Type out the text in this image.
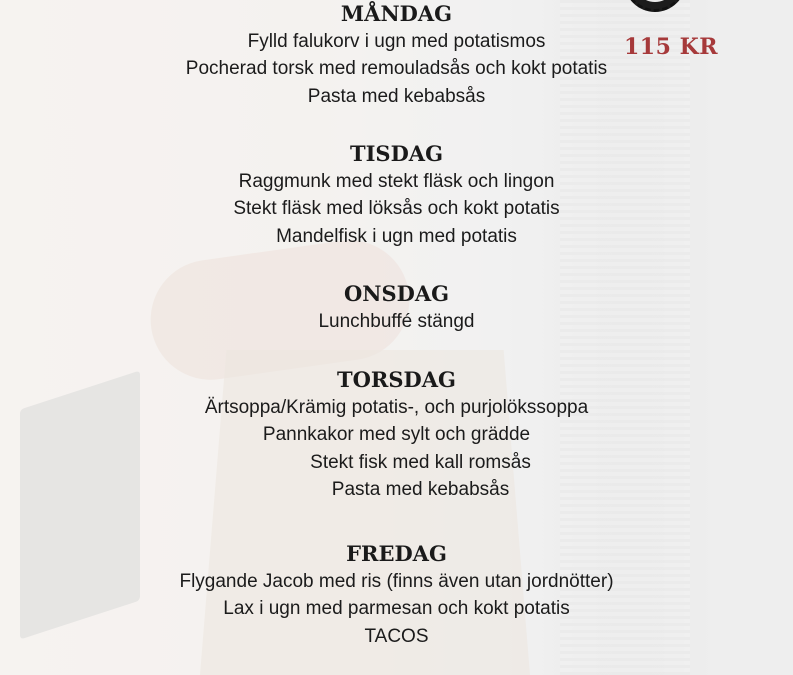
115 KR
MÅNDAG
Fylld falukorv i ugn med potatismos
Pocherad torsk med remouladsås och kokt potatis
Pasta med kebabsås
TISDAG
Raggmunk med stekt fläsk och lingon
Stekt fläsk med löksås och kokt potatis
Mandelfisk i ugn med potatis
ONSDAG
Lunchbuffé stängd
TORSDAG
Ärtsoppa/Krämig potatis-, och purjolökssoppa
Pannkakor med sylt och grädde
Stekt fisk med kall romsås
Pasta med kebabsås
FREDAG
Flygande Jacob med ris (finns även utan jordnötter)
Lax i ugn med parmesan och kokt potatis
TACOS
